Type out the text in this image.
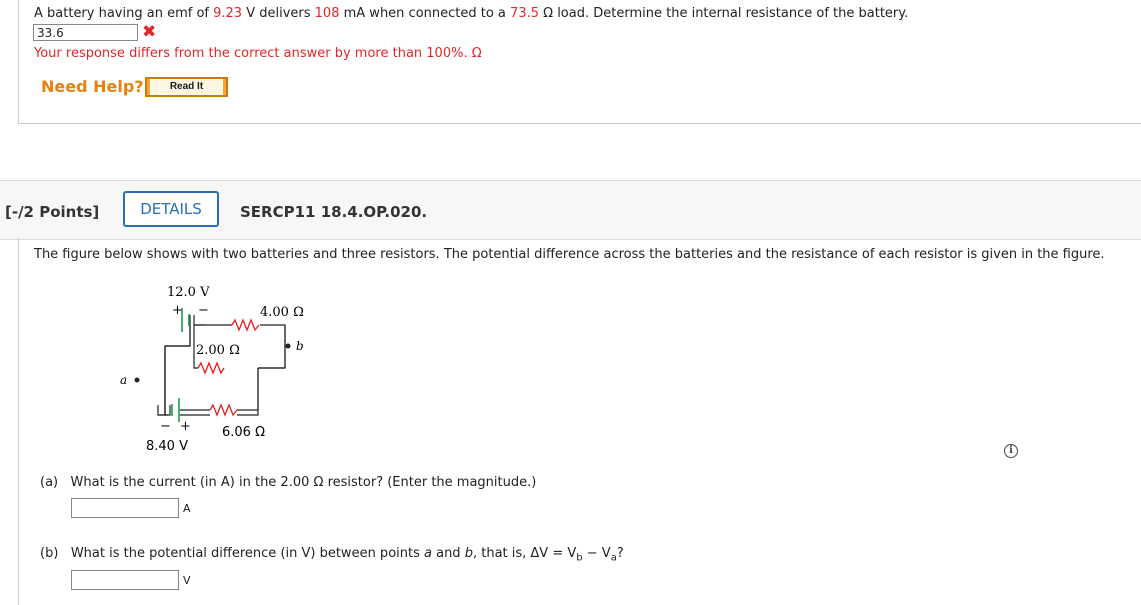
A battery having an emf of 9.23 V delivers 108 mA when connected to a 73.5 Ω load. Determine the internal resistance of the battery.
33.6	✖
Your response differs from the correct answer by more than 100%. Ω
Need Help?	Read It
[-/2 Points]	DETAILS	SERCP11 18.4.OP.020.
The figure below shows with two batteries and three resistors. The potential difference across the batteries and the resistance of each resistor is given in the figure.
12.0 V
+ −	4.00 Ω
2.00 Ω
6.06 Ω
8.40 V
− +
a
b
i
(a) What is the current (in A) in the 2.00 Ω resistor? (Enter the magnitude.)
A
(b) What is the potential difference (in V) between points a and b, that is, $\Delta V = V_b - V_a$?
V
